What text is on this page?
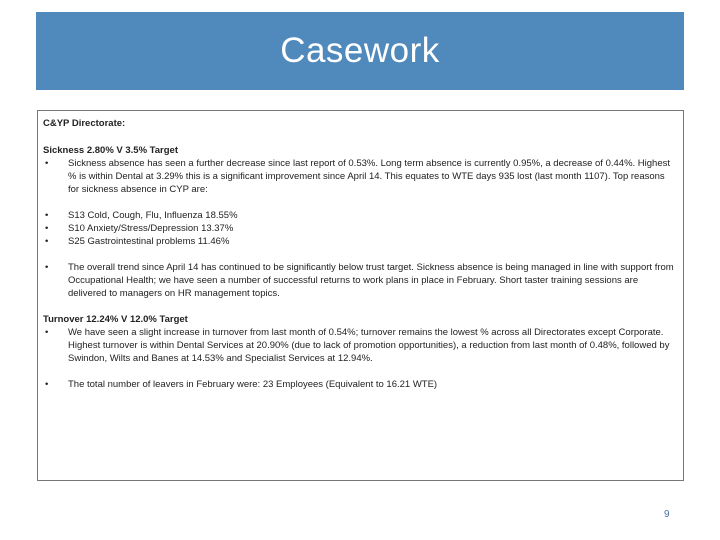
Casework

C&YP Directorate:

Sickness 2.80% V 3.5% Target

•	Sickness absence has seen a further decrease since last report of 0.53%. Long term absence is currently 0.95%, a decrease of 0.44%. Highest % is within Dental at 3.29% this is a significant improvement since April 14. This equates to WTE days 935 lost (last month 1107). Top reasons for sickness absence in CYP are:
•	S13 Cold, Cough, Flu, Influenza 18.55%
•	S10 Anxiety/Stress/Depression 13.37%
•	S25 Gastrointestinal problems 11.46%
•	The overall trend since April 14 has continued to be significantly below trust target. Sickness absence is being managed in line with support from Occupational Health; we have seen a number of successful returns to work plans in place in February. Short taster training sessions are delivered to managers on HR management topics.

Turnover 12.24% V 12.0% Target

•	We have seen a slight increase in turnover from last month of 0.54%; turnover remains the lowest % across all Directorates except Corporate. Highest turnover is within Dental Services at 20.90% (due to lack of promotion opportunities), a reduction from last month of 0.48%, followed by Swindon, Wilts and Banes at 14.53% and Specialist Services at 12.94%.
•	The total number of leavers in February were: 23 Employees (Equivalent to 16.21 WTE)
9
